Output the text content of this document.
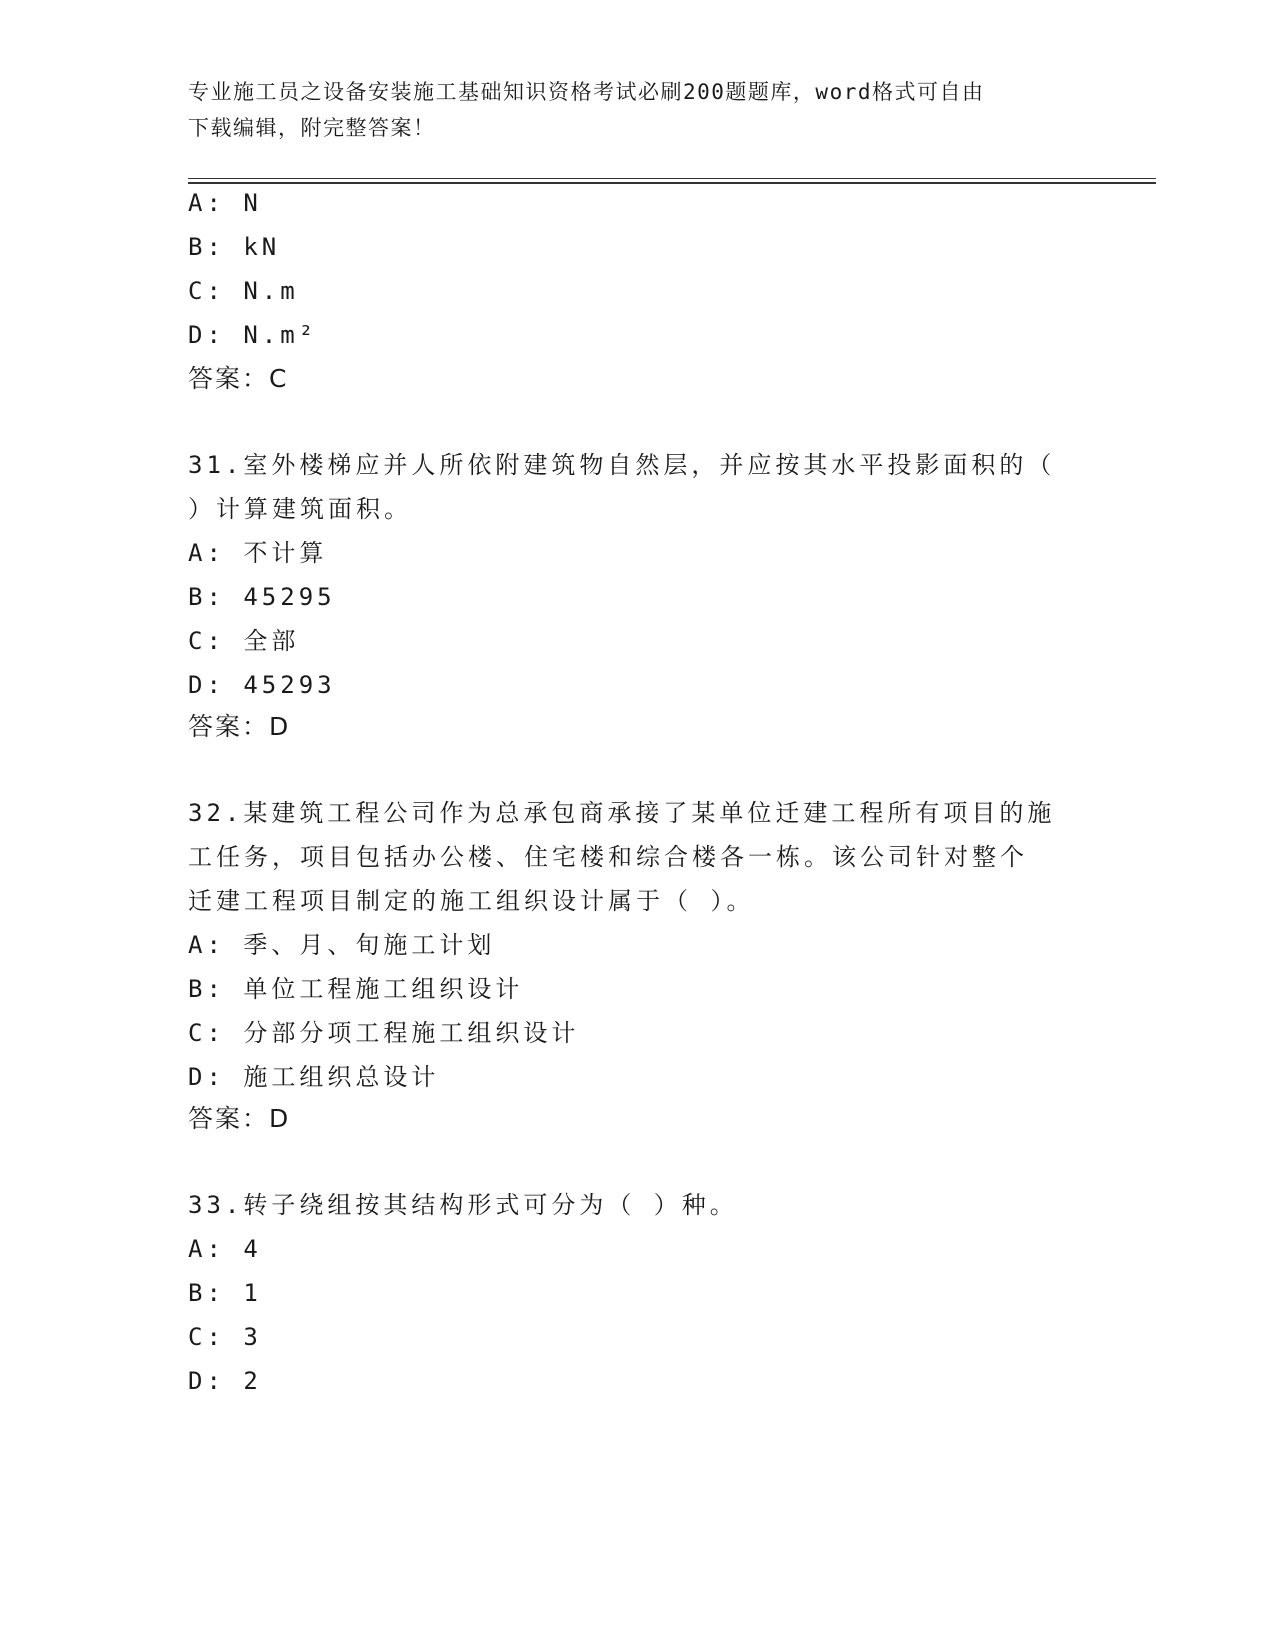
专业施工员之设备安装施工基础知识资格考试必刷200题题库，word格式可自由
下载编辑，附完整答案！
A: N
B: kN
C: N.m
D: N.m²
答案：C
31.室外楼梯应并人所依附建筑物自然层，并应按其水平投影面积的（
）计算建筑面积。
A: 不计算
B: 45295
C: 全部
D: 45293
答案：D
32.某建筑工程公司作为总承包商承接了某单位迁建工程所有项目的施
工任务，项目包括办公楼、住宅楼和综合楼各一栋。该公司针对整个
迁建工程项目制定的施工组织设计属于（ ）。
A: 季、月、旬施工计划
B: 单位工程施工组织设计
C: 分部分项工程施工组织设计
D: 施工组织总设计
答案：D
33.转子绕组按其结构形式可分为（ ）种。
A: 4
B: 1
C: 3
D: 2
